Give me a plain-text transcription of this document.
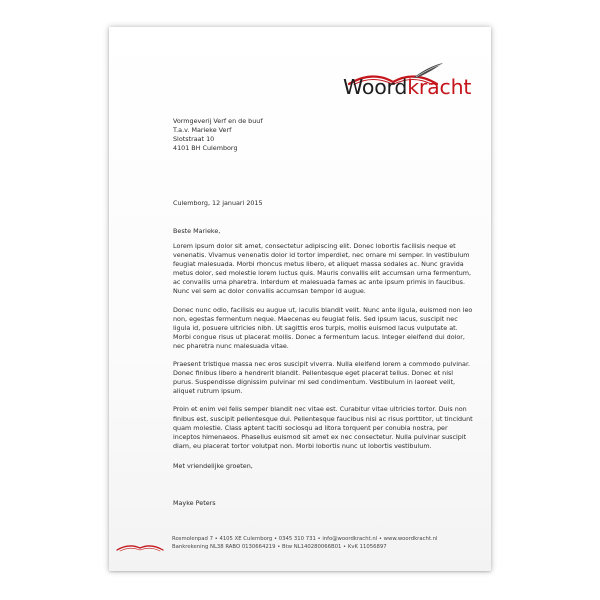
Woordkracht
Vormgeverij Verf en de buuf
T.a.v. Marieke Verf
Slotstraat 10
4101 BH Culemborg
Culemborg, 12 januari 2015
Beste Marieke,

Lorem ipsum dolor sit amet, consectetur adipiscing elit. Donec lobortis facilisis neque et venenatis. Vivamus venenatis dolor id tortor imperdiet, nec ornare mi semper. In vestibulum feugiat malesuada. Morbi rhoncus metus libero, et aliquet massa sodales ac. Nunc gravida metus dolor, sed molestie lorem luctus quis. Mauris convallis elit accumsan urna fermentum, ac convallis urna pharetra. Interdum et malesuada fames ac ante ipsum primis in faucibus. Nunc vel sem ac dolor convallis accumsan tempor id augue.

Donec nunc odio, facilisis eu augue ut, iaculis blandit velit. Nunc ante ligula, euismod non leo non, egestas fermentum neque. Maecenas eu feugiat felis. Sed ipsum lacus, suscipit nec ligula id, posuere ultricies nibh. Ut sagittis eros turpis, mollis euismod lacus vulputate at. Morbi congue risus ut placerat mollis. Donec a fermentum lacus. Integer eleifend dui dolor, nec pharetra nunc malesuada vitae.

Praesent tristique massa nec eros suscipit viverra. Nulla eleifend lorem a commodo pulvinar. Donec finibus libero a hendrerit blandit. Pellentesque eget placerat tellus. Donec et nisl purus. Suspendisse dignissim pulvinar mi sed condimentum. Vestibulum in laoreet velit, aliquet rutrum ipsum.

Proin et enim vel felis semper blandit nec vitae est. Curabitur vitae ultricies tortor. Duis non finibus est, suscipit pellentesque dui. Pellentesque faucibus nisi ac risus porttitor, ut tincidunt quam molestie. Class aptent taciti sociosqu ad litora torquent per conubia nostra, per inceptos himenaeos. Phasellus euismod sit amet ex nec consectetur. Nulla pulvinar suscipit diam, eu placerat tortor volutpat non. Morbi lobortis nunc ut lobortis vestibulum.

Met vriendelijke groeten,
Mayke Peters
Rosmolenpad 7 • 4105 XE Culemborg • 0345 310 731 • info@woordkracht.nl • www.woordkracht.nl
Bankrekening NL38 RABO 0130664219 • Btw NL140280066B01 • KvK 11056897
